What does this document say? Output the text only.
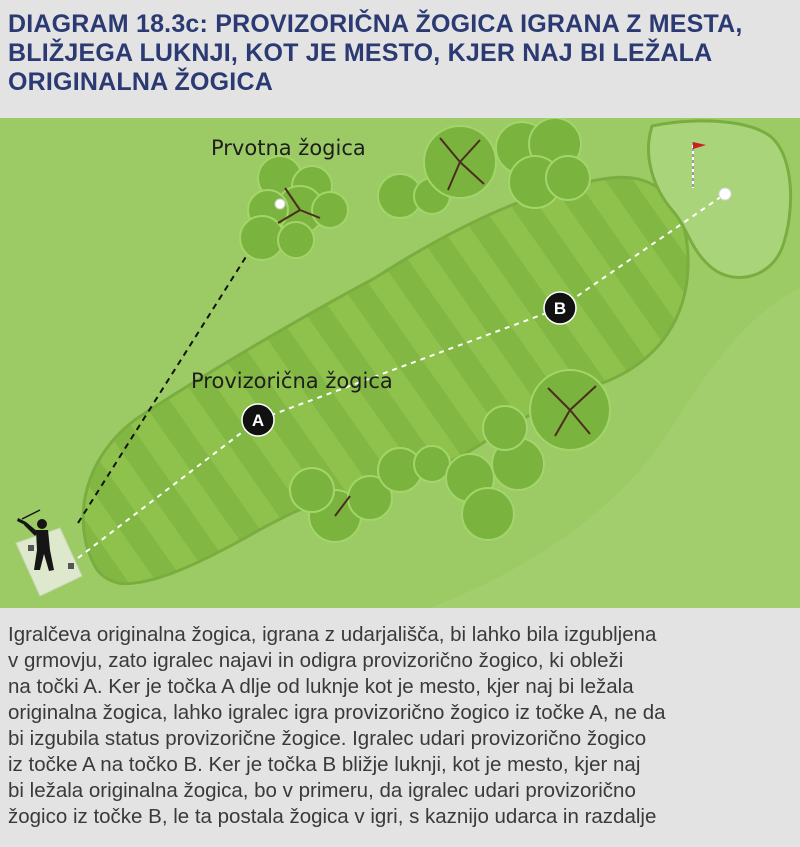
DIAGRAM 18.3c: PROVIZORIČNA ŽOGICA IGRANA Z MESTA,
BLIŽJEGA LUKNJI, KOT JE MESTO, KJER NAJ BI LEŽALA
ORIGINALNA ŽOGICA
Prvotna žogica
Provizorična žogica
A
B

Igralčeva originalna žogica, igrana z udarjališča, bi lahko bila izgubljena
v grmovju, zato igralec najavi in odigra provizorično žogico, ki obleži
na točki A. Ker je točka A dlje od luknje kot je mesto, kjer naj bi ležala
originalna žogica, lahko igralec igra provizorično žogico iz točke A, ne da
bi izgubila status provizorične žogice. Igralec udari provizorično žogico
iz točke A na točko B. Ker je točka B bližje luknji, kot je mesto, kjer naj
bi ležala originalna žogica, bo v primeru, da igralec udari provizorično
žogico iz točke B, le ta postala žogica v igri, s kaznijo udarca in razdalje
